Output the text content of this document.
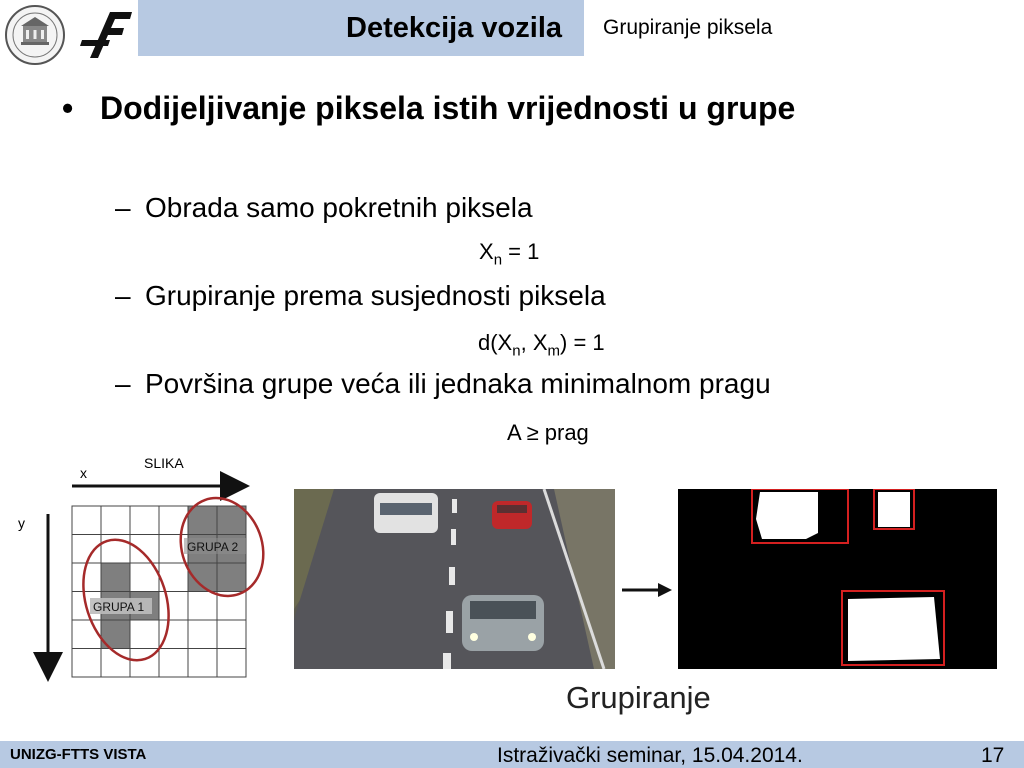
Detekcija vozila Grupiranje piksela
• Dodijeljivanje piksela istih vrijednosti u grupe
– Obrada samo pokretnih piksela
$X_n = 1$
– Grupiranje prema susjednosti piksela
$d(X_n$, $X_m) = 1$
– Površina grupe veća ili jednaka minimalnom pragu
A ≥ prag
SLIKA
x
y
GRUPA 2
GRUPA 1
Grupiranje
UNIZG-FTTS VISTA	Istraživački seminar, 15.04.2014.	17
